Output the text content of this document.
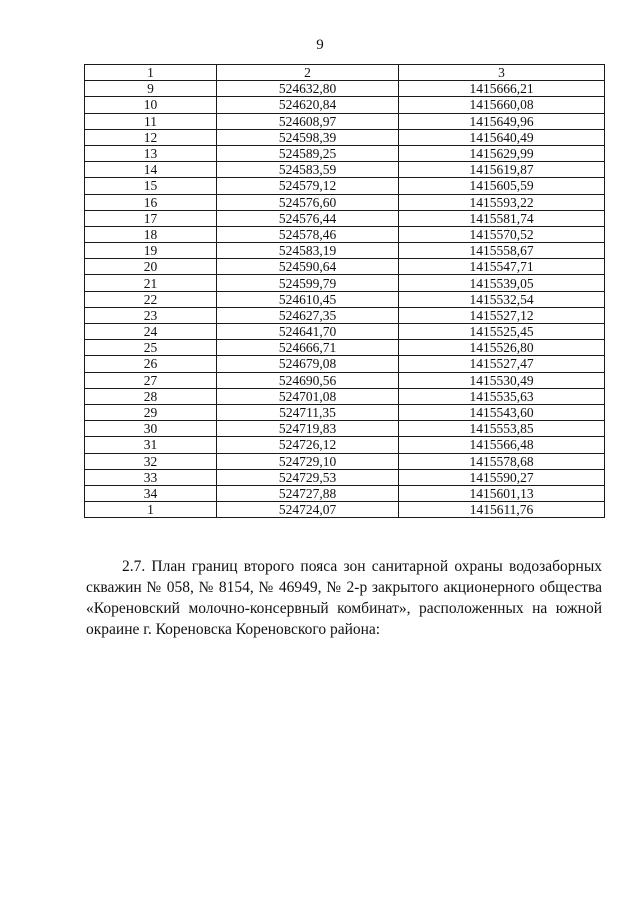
9
1	2	3
9	524632,80	1415666,21
10	524620,84	1415660,08
11	524608,97	1415649,96
12	524598,39	1415640,49
13	524589,25	1415629,99
14	524583,59	1415619,87
15	524579,12	1415605,59
16	524576,60	1415593,22
17	524576,44	1415581,74
18	524578,46	1415570,52
19	524583,19	1415558,67
20	524590,64	1415547,71
21	524599,79	1415539,05
22	524610,45	1415532,54
23	524627,35	1415527,12
24	524641,70	1415525,45
25	524666,71	1415526,80
26	524679,08	1415527,47
27	524690,56	1415530,49
28	524701,08	1415535,63
29	524711,35	1415543,60
30	524719,83	1415553,85
31	524726,12	1415566,48
32	524729,10	1415578,68
33	524729,53	1415590,27
34	524727,88	1415601,13
1	524724,07	1415611,76

2.7. План границ второго пояса зон санитарной охраны водозаборных скважин № 058, № 8154, № 46949, № 2-р закрытого акционерного общества «Кореновский молочно-консервный комбинат», расположенных на южной окраине г. Кореновска Кореновского района:
